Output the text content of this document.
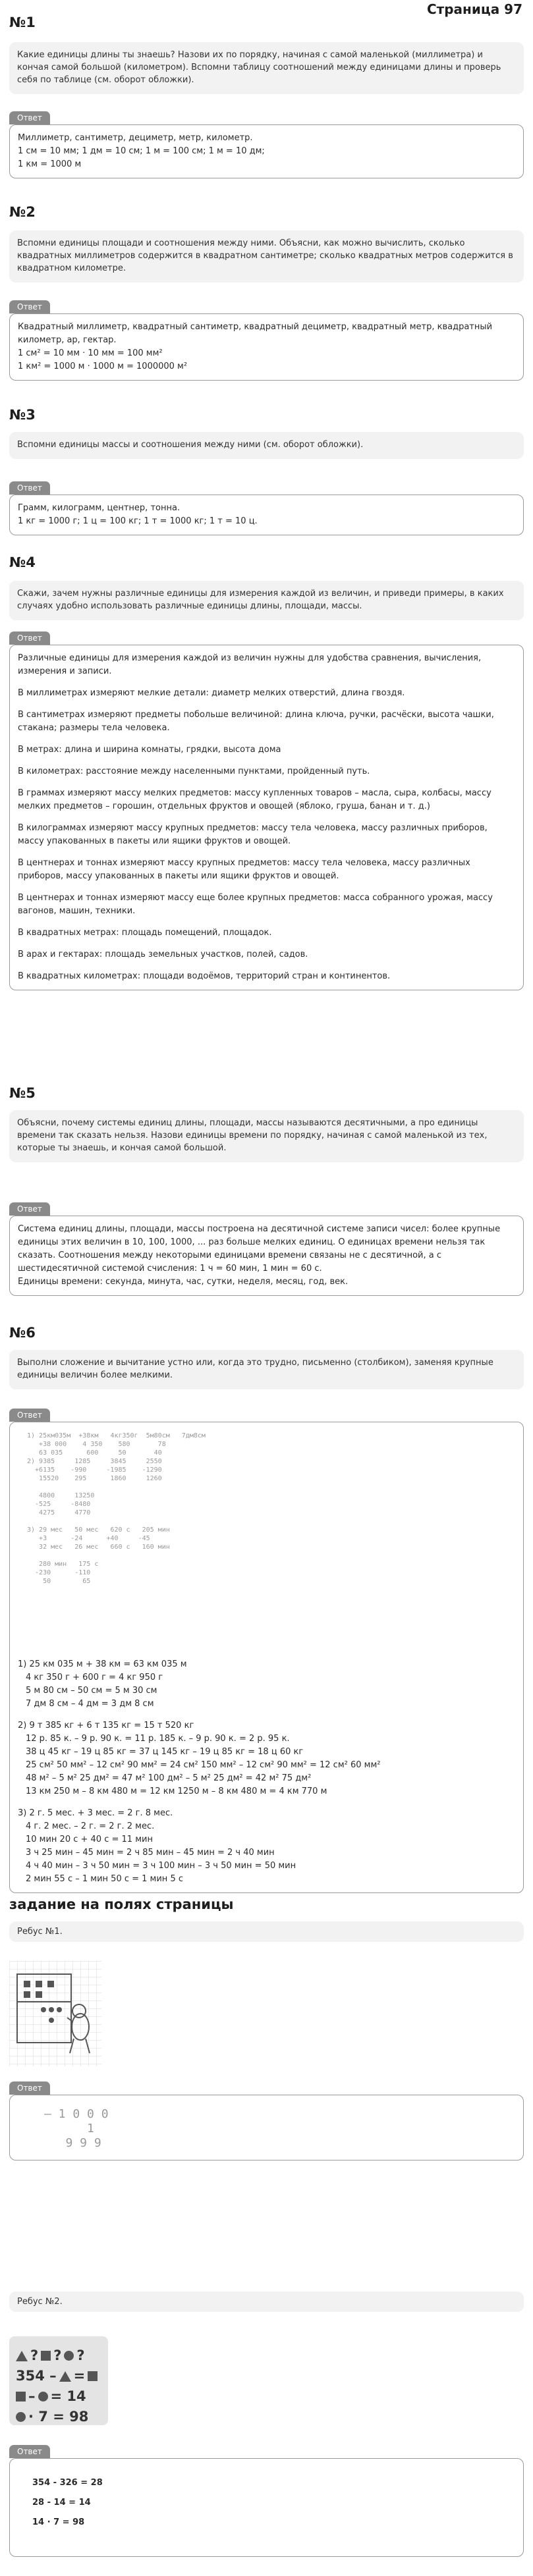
Страница 97
№1
Какие единицы длины ты знаешь? Назови их по порядку, начиная с самой маленькой (миллиметра) и кончая самой большой (километром). Вспомни таблицу соотношений между единицами длины и проверь себя по таблице (см. оборот обложки).
Ответ
Миллиметр, сантиметр, дециметр, метр, километр.
1 см = 10 мм; 1 дм = 10 см; 1 м = 100 см; 1 м = 10 дм;
1 км = 1000 м
№2
Вспомни единицы площади и соотношения между ними. Объясни, как можно вычислить, сколько квадратных миллиметров содержится в квадратном сантиметре; сколько квадратных метров содержится в квадратном километре.
Ответ
Квадратный миллиметр, квадратный сантиметр, квадратный дециметр, квадратный метр, квадратный километр, ар, гектар.
1 см² = 10 мм · 10 мм = 100 мм²
1 км² = 1000 м · 1000 м = 1000000 м²
№3
Вспомни единицы массы и соотношения между ними (см. оборот обложки).
Ответ
Грамм, килограмм, центнер, тонна.
1 кг = 1000 г; 1 ц = 100 кг; 1 т = 1000 кг; 1 т = 10 ц.
№4
Скажи, зачем нужны различные единицы для измерения каждой из величин, и приведи примеры, в каких случаях удобно использовать различные единицы длины, площади, массы.
Ответ

Различные единицы для измерения каждой из величин нужны для удобства сравнения, вычисления, измерения и записи.

В миллиметрах измеряют мелкие детали: диаметр мелких отверстий, длина гвоздя.

В сантиметрах измеряют предметы побольше величиной: длина ключа, ручки, расчёски, высота чашки, стакана; размеры тела человека.

В метрах: длина и ширина комнаты, грядки, высота дома

В километрах: расстояние между населенными пунктами, пройденный путь.

В граммах измеряют массу мелких предметов: массу купленных товаров – масла, сыра, колбасы, массу мелких предметов – горошин, отдельных фруктов и овощей (яблоко, груша, банан и т. д.)

В килограммах измеряют массу крупных предметов: массу тела человека, массу различных приборов, массу упакованных в пакеты или ящики фруктов и овощей.

В центнерах и тоннах измеряют массу крупных предметов: массу тела человека, массу различных приборов, массу упакованных в пакеты или ящики фруктов и овощей.

В центнерах и тоннах измеряют массу еще более крупных предметов: масса собранного урожая, массу вагонов, машин, техники.

В квадратных метрах: площадь помещений, площадок.

В арах и гектарах: площадь земельных участков, полей, садов.

В квадратных километрах: площади водоёмов, территорий стран и континентов.

№5
Объясни, почему системы единиц длины, площади, массы называются десятичными, а про единицы времени так сказать нельзя. Назови единицы времени по порядку, начиная с самой маленькой из тех, которые ты знаешь, и кончая самой большой.
Ответ
Система единиц длины, площади, массы построена на десятичной системе записи чисел: более крупные единицы этих величин в 10, 100, 1000, ... раз больше мелких единиц. О единицах времени нельзя так сказать. Соотношения между некоторыми единицами времени связаны не с десятичной, а с шестидесятичной системой счисления: 1 ч = 60 мин, 1 мин = 60 с.
Единицы времени: секунда, минута, час, сутки, неделя, месяц, год, век.
№6
Выполни сложение и вычитание устно или, когда это трудно, письменно (столбиком), заменяя крупные единицы величин более мелкими.
Ответ
1) 25км035м  +38км   4кг350г  5м80см   7дм8см
+38 000    4 350    580       78
63 035      600     50       40
2) 9385     1285     3845     2550
+6135    -990     -1985    -1290
15520    295      1860     1260

4800     13250
-525     -8480
4275     4770

3) 29 мес   50 мес   620 с   205 мин
+3      -24      +40     -45
32 мес   26 мес   660 с   160 мин

280 мин   175 с
-230      -110
50        65

1) 25 км 035 м + 38 км = 63 км 035 м
4 кг 350 г + 600 г = 4 кг 950 г
5 м 80 см – 50 см = 5 м 30 см
7 дм 8 см – 4 дм = 3 дм 8 см

2) 9 т 385 кг + 6 т 135 кг = 15 т 520 кг
12 р. 85 к. – 9 р. 90 к. = 11 р. 185 к. – 9 р. 90 к. = 2 р. 95 к.
38 ц 45 кг – 19 ц 85 кг = 37 ц 145 кг – 19 ц 85 кг = 18 ц 60 кг
25 см² 50 мм² – 12 см² 90 мм² = 24 см² 150 мм² – 12 см² 90 мм² = 12 см² 60 мм²
48 м² – 5 м² 25 дм² = 47 м² 100 дм² – 5 м² 25 дм² = 42 м² 75 дм²
13 км 250 м – 8 км 480 м = 12 км 1250 м – 8 км 480 м = 4 км 770 м

3) 2 г. 5 мес. + 3 мес. = 2 г. 8 мес.
4 г. 2 мес. – 2 г. = 2 г. 2 мес.
10 мин 20 с + 40 с = 11 мин
3 ч 25 мин – 45 мин = 2 ч 85 мин – 45 мин = 2 ч 40 мин
4 ч 40 мин – 3 ч 50 мин = 3 ч 100 мин – 3 ч 50 мин = 50 мин
2 мин 55 с – 1 мин 50 с = 1 мин 5 с

задание на полях страницы
Ребус №1.
Ответ
– 1 0 0 0
1
9 9 9
Ребус №2.
? ? ?
354 – =
– = 14
· 7 = 98
Ответ
354 - 326 = 28
28 - 14 = 14
14 · 7 = 98
